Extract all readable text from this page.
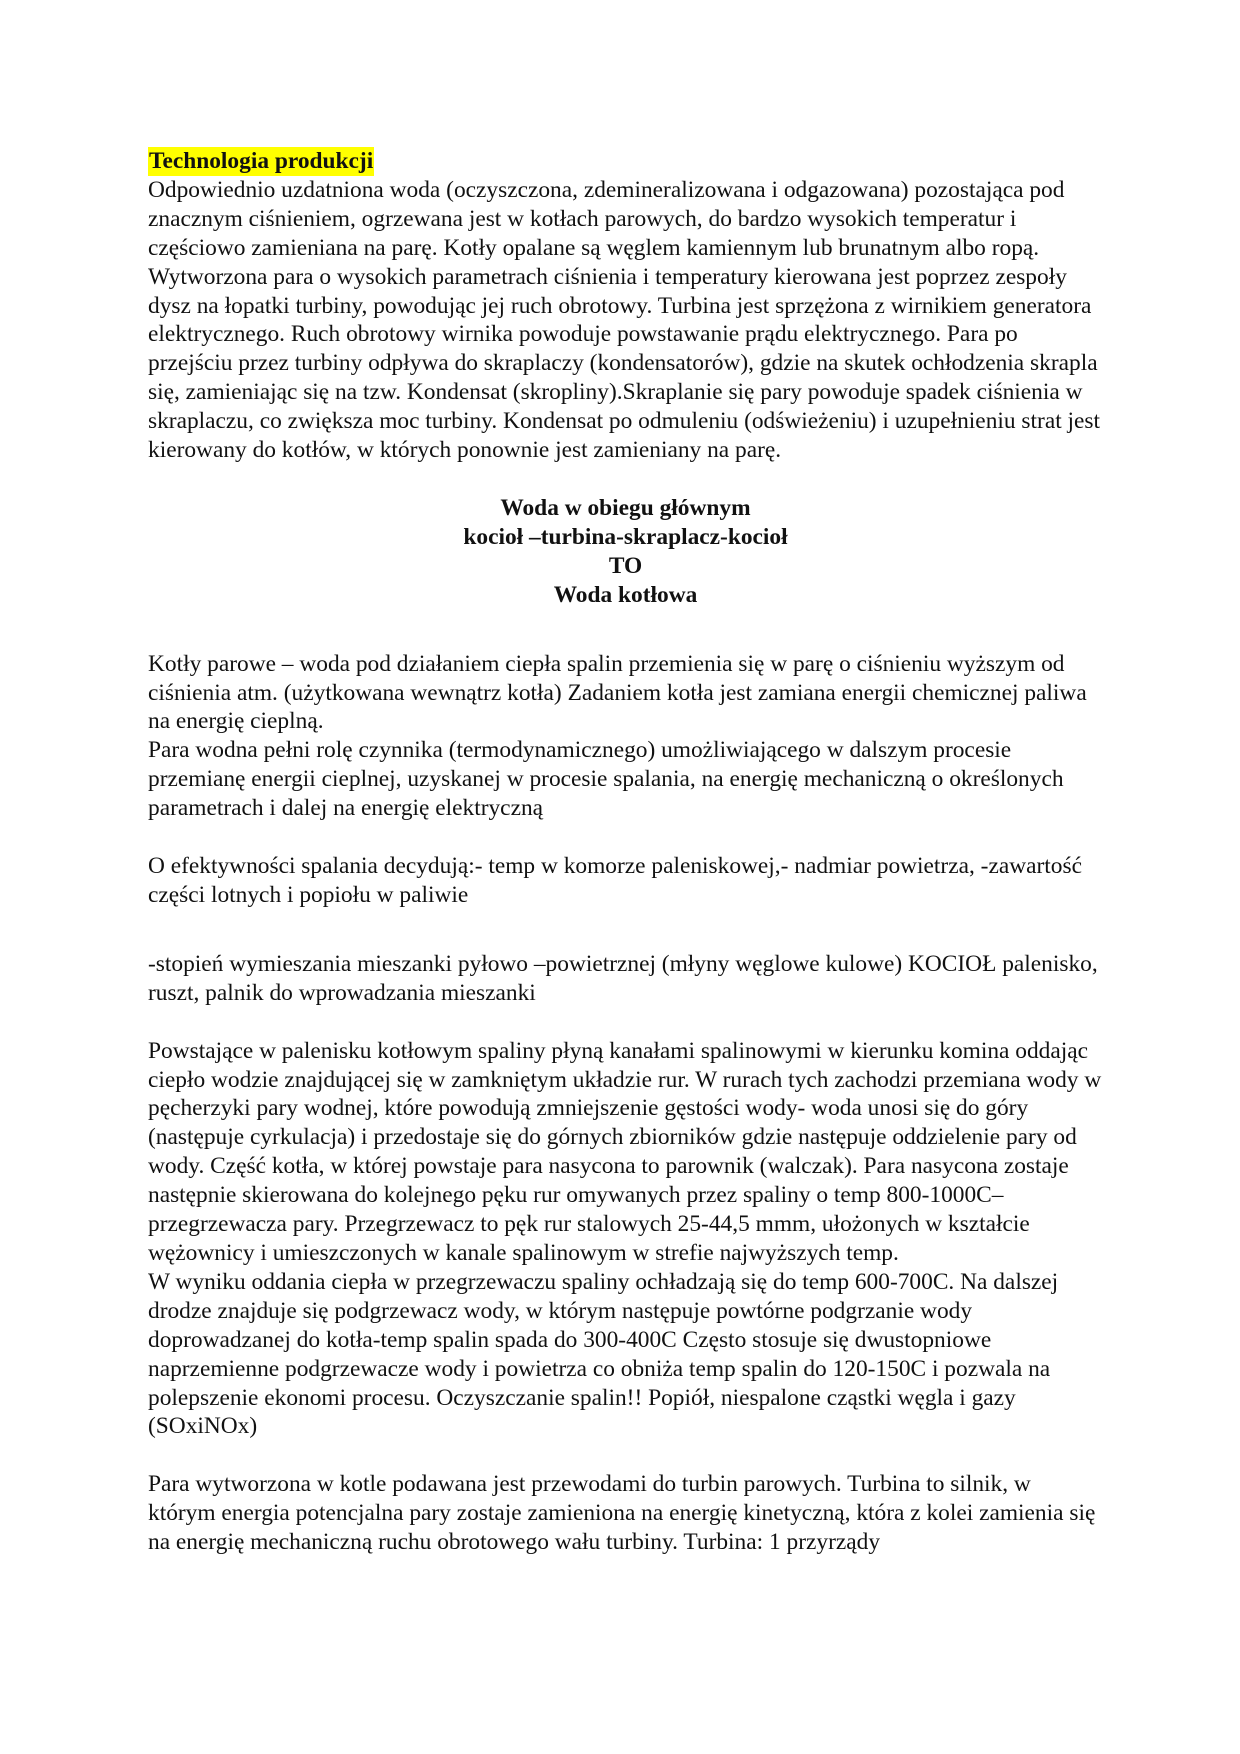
Technologia produkcji

Odpowiednio uzdatniona woda (oczyszczona, zdemineralizowana i odgazowana) pozostająca pod znacznym ciśnieniem, ogrzewana jest w kotłach parowych, do bardzo wysokich temperatur i częściowo zamieniana na parę. Kotły opalane są węglem kamiennym lub brunatnym albo ropą. Wytworzona para o wysokich parametrach ciśnienia i temperatury kierowana jest poprzez zespoły dysz na łopatki turbiny, powodując jej ruch obrotowy. Turbina jest sprzężona z wirnikiem generatora elektrycznego. Ruch obrotowy wirnika powoduje powstawanie prądu elektrycznego. Para po przejściu przez turbiny odpływa do skraplaczy (kondensatorów), gdzie na skutek ochłodzenia skrapla się, zamieniając się na tzw. Kondensat (skropliny).Skraplanie się pary powoduje spadek ciśnienia w skraplaczu, co zwiększa moc turbiny. Kondensat po odmuleniu (odświeżeniu) i uzupełnieniu strat jest kierowany do kotłów, w których ponownie jest zamieniany na parę.

Woda w obiegu głównym
kocioł –turbina-skraplacz-kocioł
TO
Woda kotłowa

Kotły parowe – woda pod działaniem ciepła spalin przemienia się w parę o ciśnieniu wyższym od ciśnienia atm. (użytkowana wewnątrz kotła) Zadaniem kotła jest zamiana energii chemicznej paliwa na energię cieplną.

Para wodna pełni rolę czynnika (termodynamicznego) umożliwiającego w dalszym procesie przemianę energii cieplnej, uzyskanej w procesie spalania, na energię mechaniczną o określonych parametrach i dalej na energię elektryczną

O efektywności spalania decydują:- temp w komorze paleniskowej,- nadmiar powietrza, -zawartość części lotnych i popiołu w paliwie

-stopień wymieszania mieszanki pyłowo –powietrznej (młyny węglowe kulowe) KOCIOŁ palenisko, ruszt, palnik do wprowadzania mieszanki

Powstające w palenisku kotłowym spaliny płyną kanałami spalinowymi w kierunku komina oddając ciepło wodzie znajdującej się w zamkniętym układzie rur. W rurach tych zachodzi przemiana wody w pęcherzyki pary wodnej, które powodują zmniejszenie gęstości wody- woda unosi się do góry (następuje cyrkulacja) i przedostaje się do górnych zbiorników gdzie następuje oddzielenie pary od wody. Część kotła, w której powstaje para nasycona to parownik (walczak). Para nasycona zostaje następnie skierowana do kolejnego pęku rur omywanych przez spaliny o temp 800-1000C–przegrzewacza pary. Przegrzewacz to pęk rur stalowych 25-44,5 mmm, ułożonych w kształcie wężownicy i umieszczonych w kanale spalinowym w strefie najwyższych temp.

W wyniku oddania ciepła w przegrzewaczu spaliny ochładzają się do temp 600-700C. Na dalszej drodze znajduje się podgrzewacz wody, w którym następuje powtórne podgrzanie wody doprowadzanej do kotła-temp spalin spada do 300-400C Często stosuje się dwustopniowe naprzemienne podgrzewacze wody i powietrza co obniża temp spalin do 120-150C i pozwala na polepszenie ekonomi procesu. Oczyszczanie spalin!! Popiół, niespalone cząstki węgla i gazy (SOxiNOx)

Para wytworzona w kotle podawana jest przewodami do turbin parowych. Turbina to silnik, w którym energia potencjalna pary zostaje zamieniona na energię kinetyczną, która z kolei zamienia się na energię mechaniczną ruchu obrotowego wału turbiny. Turbina: 1 przyrządy
